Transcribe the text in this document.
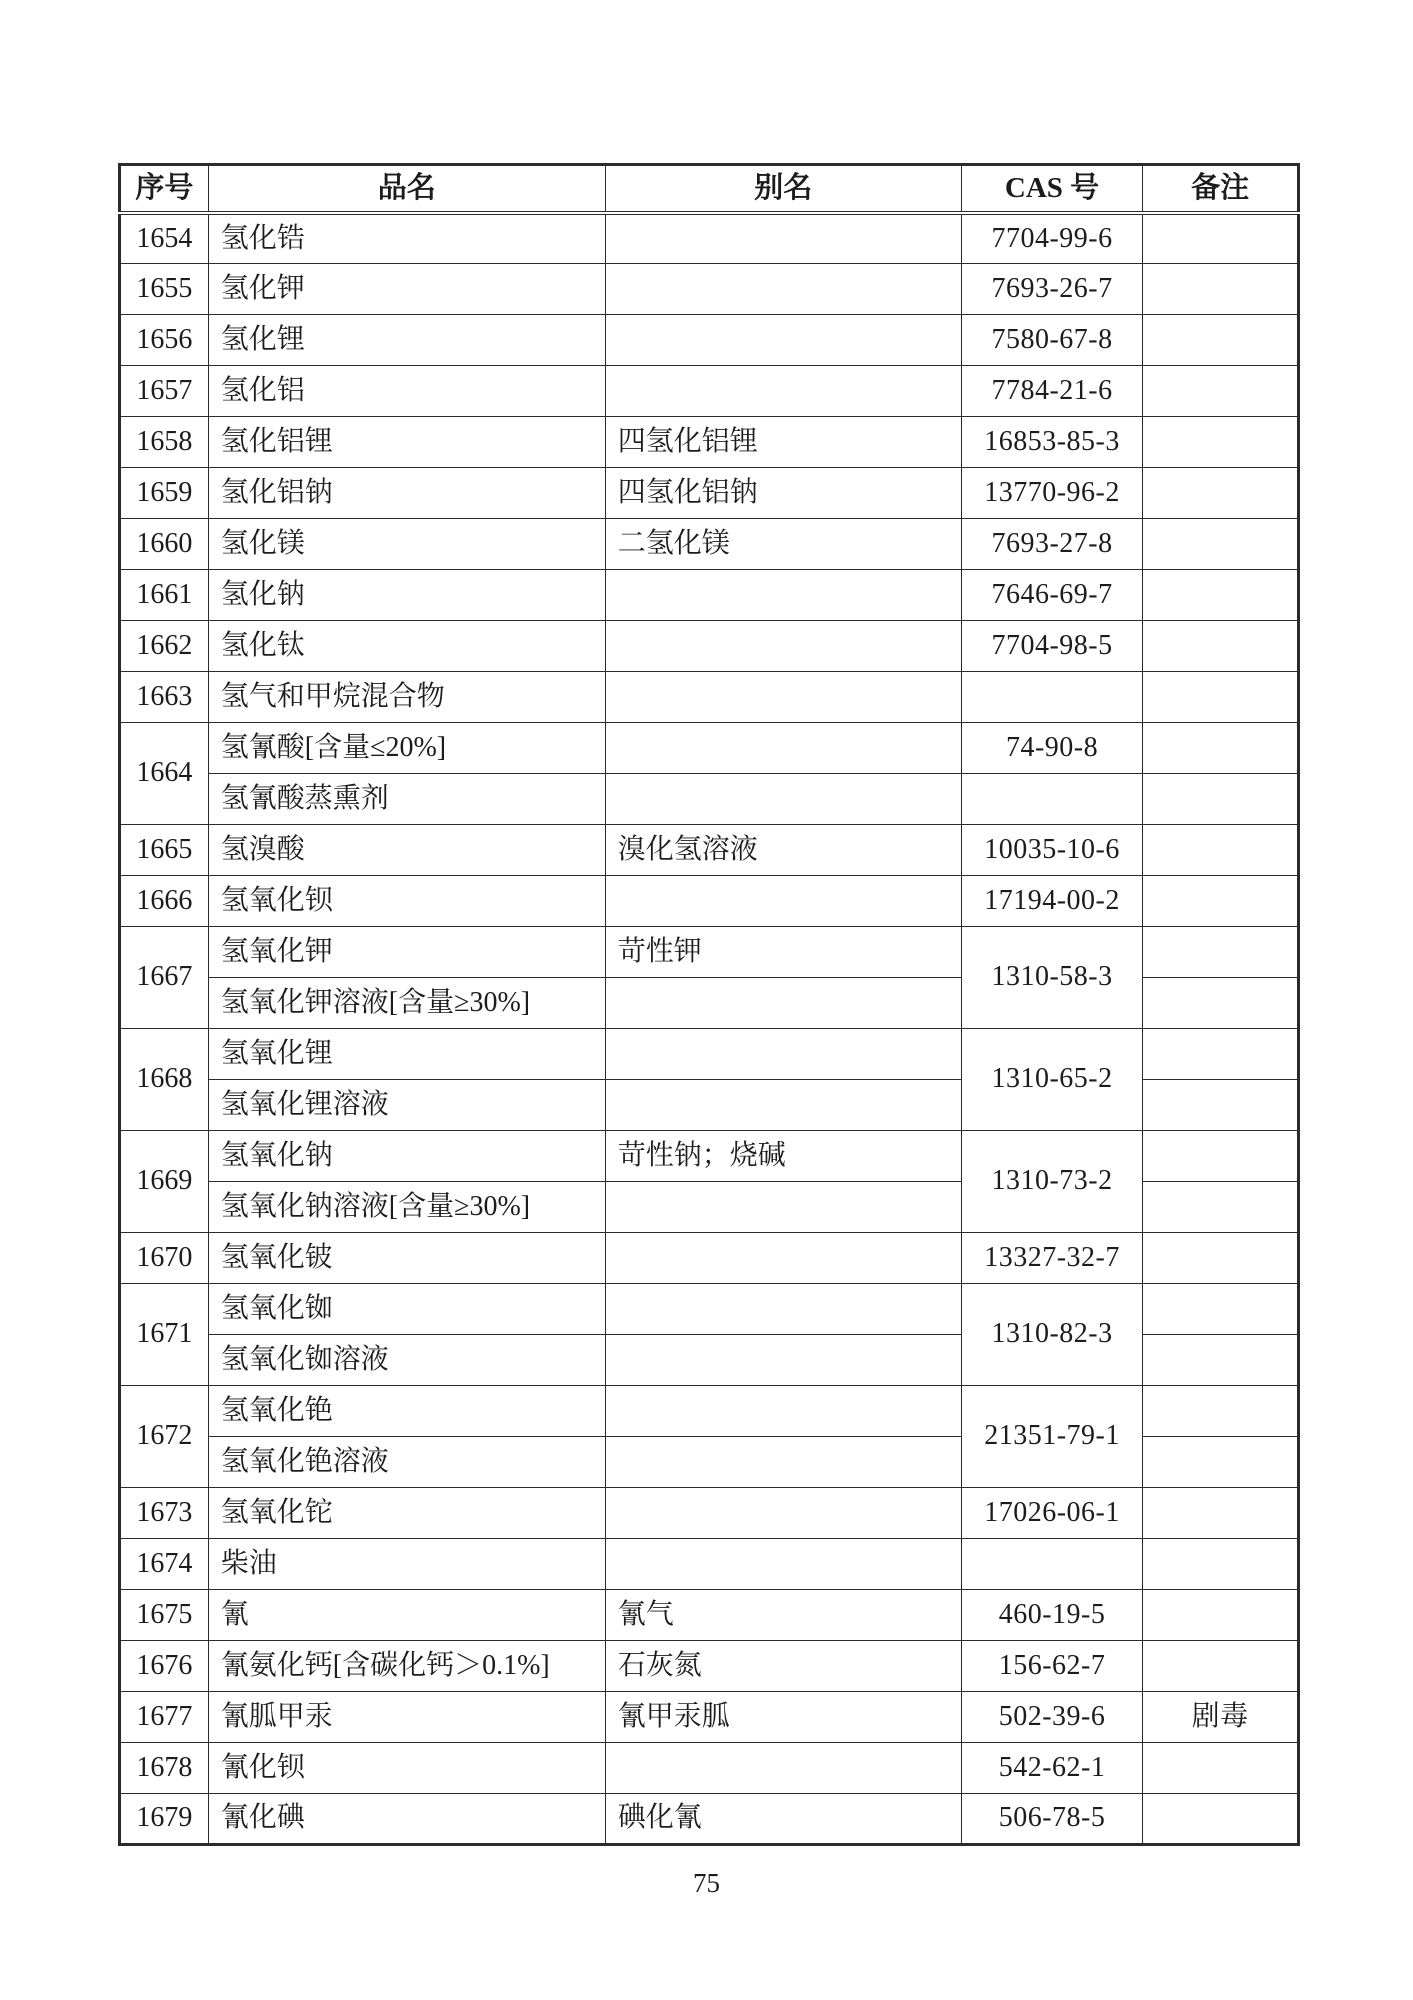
序号	品名	别名	CAS 号	备注
1654	氢化锆		7704-99-6	
1655	氢化钾		7693-26-7	
1656	氢化锂		7580-67-8	
1657	氢化铝		7784-21-6	
1658	氢化铝锂	四氢化铝锂	16853-85-3	
1659	氢化铝钠	四氢化铝钠	13770-96-2	
1660	氢化镁	二氢化镁	7693-27-8	
1661	氢化钠		7646-69-7	
1662	氢化钛		7704-98-5	
1663	氢气和甲烷混合物			
1664	氢氰酸[含量≤20%]		74-90-8	
	氢氰酸蒸熏剂			
1665	氢溴酸	溴化氢溶液	10035-10-6	
1666	氢氧化钡		17194-00-2	
1667	氢氧化钾	苛性钾	1310-58-3	
	氢氧化钾溶液[含量≥30%]			
1668	氢氧化锂		1310-65-2	
	氢氧化锂溶液			
1669	氢氧化钠	苛性钠；烧碱	1310-73-2	
	氢氧化钠溶液[含量≥30%]			
1670	氢氧化铍		13327-32-7	
1671	氢氧化铷		1310-82-3	
	氢氧化铷溶液			
1672	氢氧化铯		21351-79-1	
	氢氧化铯溶液			
1673	氢氧化铊		17026-06-1	
1674	柴油			
1675	氰	氰气	460-19-5	
1676	氰氨化钙[含碳化钙＞0.1%]	石灰氮	156-62-7	
1677	氰胍甲汞	氰甲汞胍	502-39-6	剧毒
1678	氰化钡		542-62-1	
1679	氰化碘	碘化氰	506-78-5	
75
